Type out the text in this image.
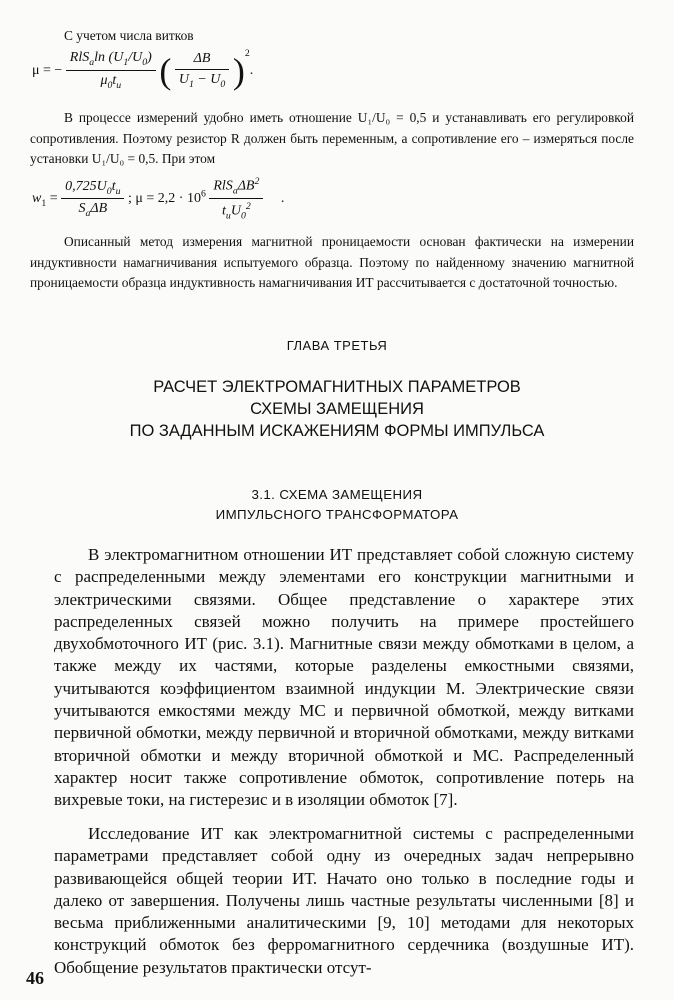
С учетом числа витков
μ = − $\frac{RlS_a\ln (U_1/U_0)}{\mu_0t_и}$ ( $\frac{\Delta B}{U_1 - U_0} )^2$.
В процессе измерений удобно иметь отношение U₁/U₀ = 0,5 и устанавливать его регулировкой сопротивления. Поэтому резистор R должен быть переменным, а сопротивление его – измеряться после установки U₁/U₀ = 0,5. При этом
$w_1 = \frac{0,725U_0t_и}{S_a\Delta B}$ ; $\mu = 2,2 \cdot 10^6 \frac{RlS_a\Delta B^2}{t_иU_0^2}$ .
Описанный метод измерения магнитной проницаемости основан фактически на измерении индуктивности намагничивания испытуемого образца. Поэтому по найденному значению магнитной проницаемости образца индуктивность намагничивания ИТ рассчитывается с достаточной точностью.
ГЛАВА ТРЕТЬЯ
РАСЧЕТ ЭЛЕКТРОМАГНИТНЫХ ПАРАМЕТРОВ
СХЕМЫ ЗАМЕЩЕНИЯ
ПО ЗАДАННЫМ ИСКАЖЕНИЯМ ФОРМЫ ИМПУЛЬСА
3.1. СХЕМА ЗАМЕЩЕНИЯ
ИМПУЛЬСНОГО ТРАНСФОРМАТОРА
В электромагнитном отношении ИТ представляет собой сложную систему с распределенными между элементами его конструкции магнитными и электрическими связями. Общее представление о характере этих распределенных связей можно получить на примере простейшего двухобмоточного ИТ (рис. 3.1). Магнитные связи между обмотками в целом, а также между их частями, которые разделены емкостными связями, учитываются коэффициентом взаимной индукции M. Электрические связи учитываются емкостями между МС и первичной обмоткой, между витками первичной обмотки, между первичной и вторичной обмотками, между витками вторичной обмотки и между вторичной обмоткой и МС. Распределенный характер носит также сопротивление обмоток, сопротивление потерь на вихревые токи, на гистерезис и в изоляции обмоток [7].
Исследование ИТ как электромагнитной системы с распределенными параметрами представляет собой одну из очередных задач непрерывно развивающейся общей теории ИТ. Начато оно только в последние годы и далеко от завершения. Получены лишь частные результаты численными [8] и весьма приближенными аналитическими [9, 10] методами для некоторых конструкций обмоток без ферромагнитного сердечника (воздушные ИТ). Обобщение результатов практически отсут-
46
